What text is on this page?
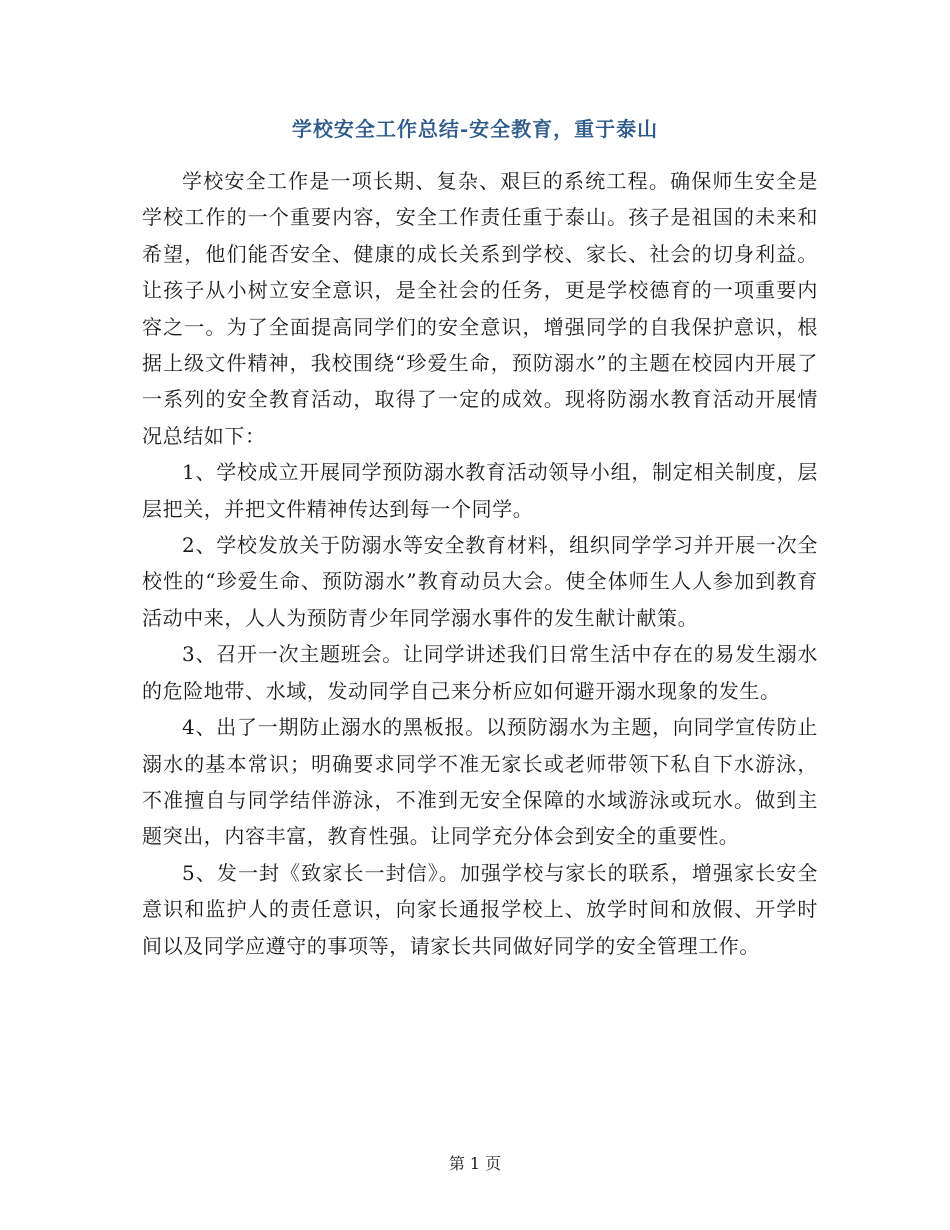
学校安全工作总结-安全教育，重于泰山

学校安全工作是一项长期、复杂、艰巨的系统工程。确保师生安全是学校工作的一个重要内容，安全工作责任重于泰山。孩子是祖国的未来和希望，他们能否安全、健康的成长关系到学校、家长、社会的切身利益。让孩子从小树立安全意识，是全社会的任务，更是学校德育的一项重要内容之一。为了全面提高同学们的安全意识，增强同学的自我保护意识，根据上级文件精神，我校围绕“珍爱生命，预防溺水”的主题在校园内开展了一系列的安全教育活动，取得了一定的成效。现将防溺水教育活动开展情况总结如下：

1、学校成立开展同学预防溺水教育活动领导小组，制定相关制度，层层把关，并把文件精神传达到每一个同学。

2、学校发放关于防溺水等安全教育材料，组织同学学习并开展一次全校性的“珍爱生命、预防溺水”教育动员大会。使全体师生人人参加到教育活动中来，人人为预防青少年同学溺水事件的发生献计献策。

3、召开一次主题班会。让同学讲述我们日常生活中存在的易发生溺水的危险地带、水域，发动同学自己来分析应如何避开溺水现象的发生。

4、出了一期防止溺水的黑板报。以预防溺水为主题，向同学宣传防止溺水的基本常识；明确要求同学不准无家长或老师带领下私自下水游泳，不准擅自与同学结伴游泳，不准到无安全保障的水域游泳或玩水。做到主题突出，内容丰富，教育性强。让同学充分体会到安全的重要性。

5、发一封《致家长一封信》。加强学校与家长的联系，增强家长安全意识和监护人的责任意识，向家长通报学校上、放学时间和放假、开学时间以及同学应遵守的事项等，请家长共同做好同学的安全管理工作。

第 1 页
